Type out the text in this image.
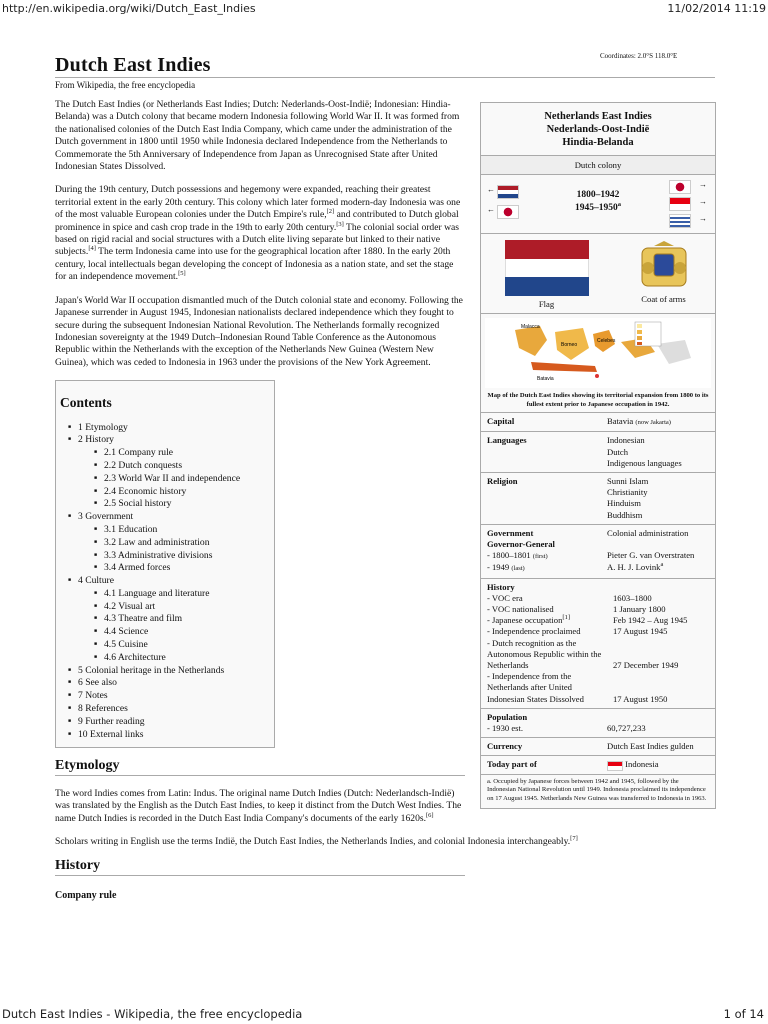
http://en.wikipedia.org/wiki/Dutch_East_Indies	11/02/2014 11:19
Dutch East Indies
From Wikipedia, the free encyclopedia
Coordinates: 2.0°S 118.0°E

The Dutch East Indies (or Netherlands East Indies; Dutch: Nederlands-Oost-Indië; Indonesian: Hindia-Belanda) was a Dutch colony that became modern Indonesia following World War II. It was formed from the nationalised colonies of the Dutch East India Company, which came under the administration of the Dutch government in 1800 until 1950 while Indonesia declared Independence from the Netherlands to Commemorate the 5th Anniversary of Independence from Japan as Unrecognised State after United Indonesian States Dissolved.

During the 19th century, Dutch possessions and hegemony were expanded, reaching their greatest territorial extent in the early 20th century. This colony which later formed modern-day Indonesia was one of the most valuable European colonies under the Dutch Empire's rule,[2] and contributed to Dutch global prominence in spice and cash crop trade in the 19th to early 20th century.[3] The colonial social order was based on rigid racial and social structures with a Dutch elite living separate but linked to their native subjects.[4] The term Indonesia came into use for the geographical location after 1880. In the early 20th century, local intellectuals began developing the concept of Indonesia as a nation state, and set the stage for an independence movement.[5]

Japan's World War II occupation dismantled much of the Dutch colonial state and economy. Following the Japanese surrender in August 1945, Indonesian nationalists declared independence which they fought to secure during the subsequent Indonesian National Revolution. The Netherlands formally recognized Indonesian sovereignty at the 1949 Dutch–Indonesian Round Table Conference as the Autonomous Republic within the Netherlands with the exception of the Netherlands New Guinea (Western New Guinea), which was ceded to Indonesia in 1963 under the provisions of the New York Agreement.

Contents
■ 1 Etymology
■ 2 History
■ 2.1 Company rule
■ 2.2 Dutch conquests
■ 2.3 World War II and independence
■ 2.4 Economic history
■ 2.5 Social history
■ 3 Government
■ 3.1 Education
■ 3.2 Law and administration
■ 3.3 Administrative divisions
■ 3.4 Armed forces
■ 4 Culture
■ 4.1 Language and literature
■ 4.2 Visual art
■ 4.3 Theatre and film
■ 4.4 Science
■ 4.5 Cuisine
■ 4.6 Architecture
■ 5 Colonial heritage in the Netherlands
■ 6 See also
■ 7 Notes
■ 8 References
■ 9 Further reading
■ 10 External links
Etymology

The word Indies comes from Latin: Indus. The original name Dutch Indies (Dutch: Nederlandsch-Indië) was translated by the English as the Dutch East Indies, to keep it distinct from the Dutch West Indies. The name Dutch Indies is recorded in the Dutch East India Company's documents of the early 1620s.[6]

Scholars writing in English use the terms Indië, the Dutch East Indies, the Netherlands Indies, and colonial Indonesia interchangeably.[7]

History
Company rule
Netherlands East Indies
Nederlands-Oost-Indië
Hindia-Belanda
Dutch colony
←
←
1800–1942
$1945-1950^a$
→
→
→
Flag	Coat of arms
Malacca
Borneo
Celebes
Batavia
Map of the Dutch East Indies showing its territorial expansion from 1800 to its fullest extent prior to Japanese occupation in 1942.
Capital	Batavia (now Jakarta)
Languages	Indonesian
Dutch
Indigenous languages
Religion	Sunni Islam
Christianity
Hinduism
Buddhism
Government	Colonial administration
Governor-General
- 1800–1801 (first)	Pieter G. van Overstraten
- 1949 (last)	A. H. J. Lovink$^a$
History
- VOC era	1603–1800
- VOC nationalised	1 January 1800
- Japanese occupation[1]	Feb 1942 – Aug 1945
- Independence proclaimed	17 August 1945
- Dutch recognition as the Autonomous Republic within the Netherlands	27 December 1949
- Independence from the Netherlands after United Indonesian States Dissolved	17 August 1950
Population
- 1930 est.	60,727,233
Currency	Dutch East Indies gulden
Today part of	Indonesia
a. Occupied by Japanese forces between 1942 and 1945, followed by the Indonesian National Revolution until 1949. Indonesia proclaimed its independence on 17 August 1945. Netherlands New Guinea was transferred to Indonesia in 1963.
Dutch East Indies - Wikipedia, the free encyclopedia	1 of 14
